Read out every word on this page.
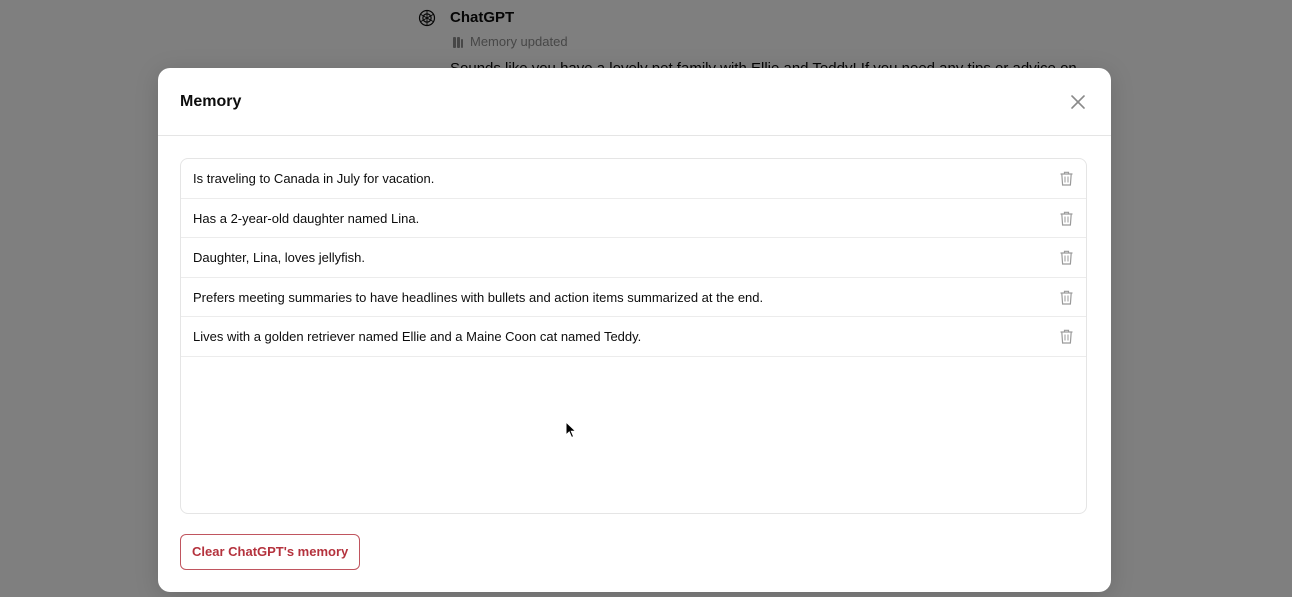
Memory
Is traveling to Canada in July for vacation.
Has a 2-year-old daughter named Lina.
Daughter, Lina, loves jellyfish.
Prefers meeting summaries to have headlines with bullets and action items summarized at the end.
Lives with a golden retriever named Ellie and a Maine Coon cat named Teddy.
Clear ChatGPT's memory
